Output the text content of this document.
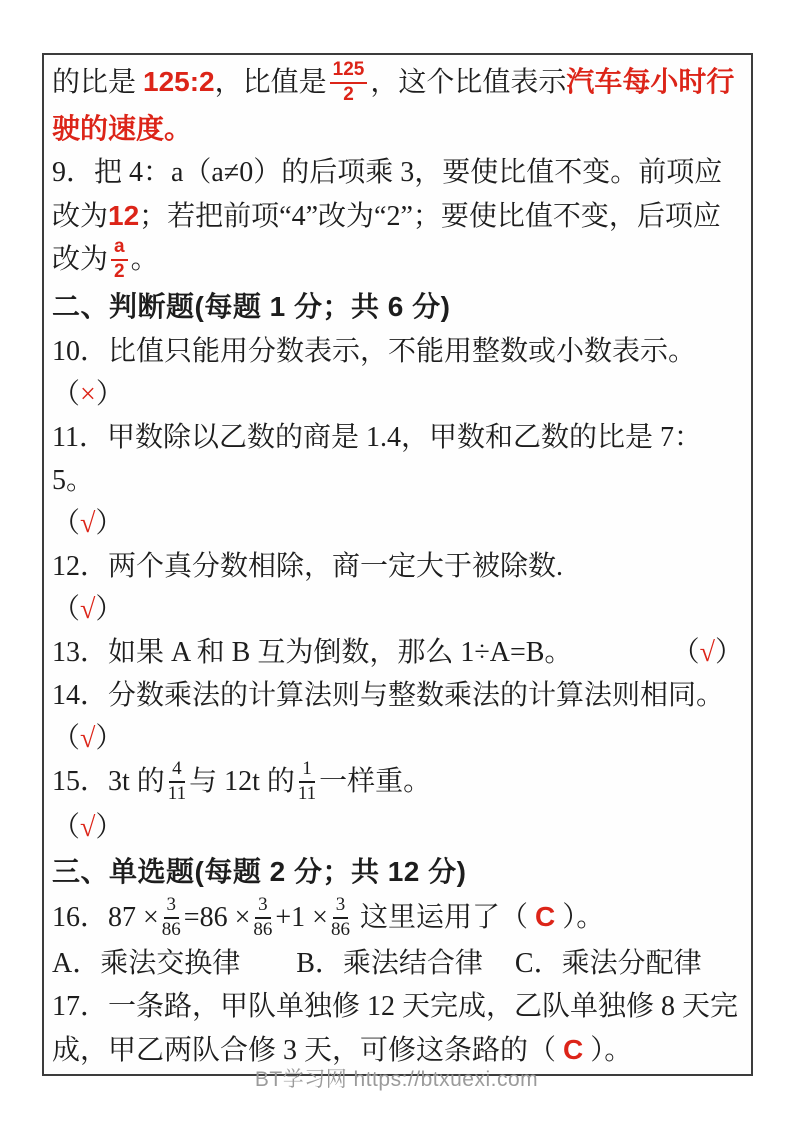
的比是 125:2，比值是 $\frac{125}{2}$ ，这个比值表示汽车每小时行驶的速度。
9．把 4：a（a≠0）的后项乘 3，要使比值不变。前项应改为12；若把前项“4”改为“2”；要使比值不变，后项应改为 $\frac{a}{2}$ 。
二、判断题(每题 1 分；共 6 分)
10．比值只能用分数表示，不能用整数或小数表示。
（×）
11．甲数除以乙数的商是 1.4，甲数和乙数的比是 7：5。
（√）
12．两个真分数相除，商一定大于被除数.
（√）
13．如果 A 和 B 互为倒数，那么 1÷A=B。	（√）
14．分数乘法的计算法则与整数乘法的计算法则相同。
（√）
15．3t 的 $\frac{4}{11}$ 与 12t 的 $\frac{1}{11}$ 一样重。
（√）
三、单选题(每题 2 分；共 12 分)
16．$87 \times \frac{3}{86} =86 \times \frac{3}{86} +1 \times \frac{3}{86}$ 这里运用了（ C ）。
A．乘法交换律 B．乘法结合律 C．乘法分配律
17．一条路，甲队单独修 12 天完成，乙队单独修 8 天完成，甲乙两队合修 3 天，可修这条路的（ C ）。
BT学习网 https://btxuexi.com
